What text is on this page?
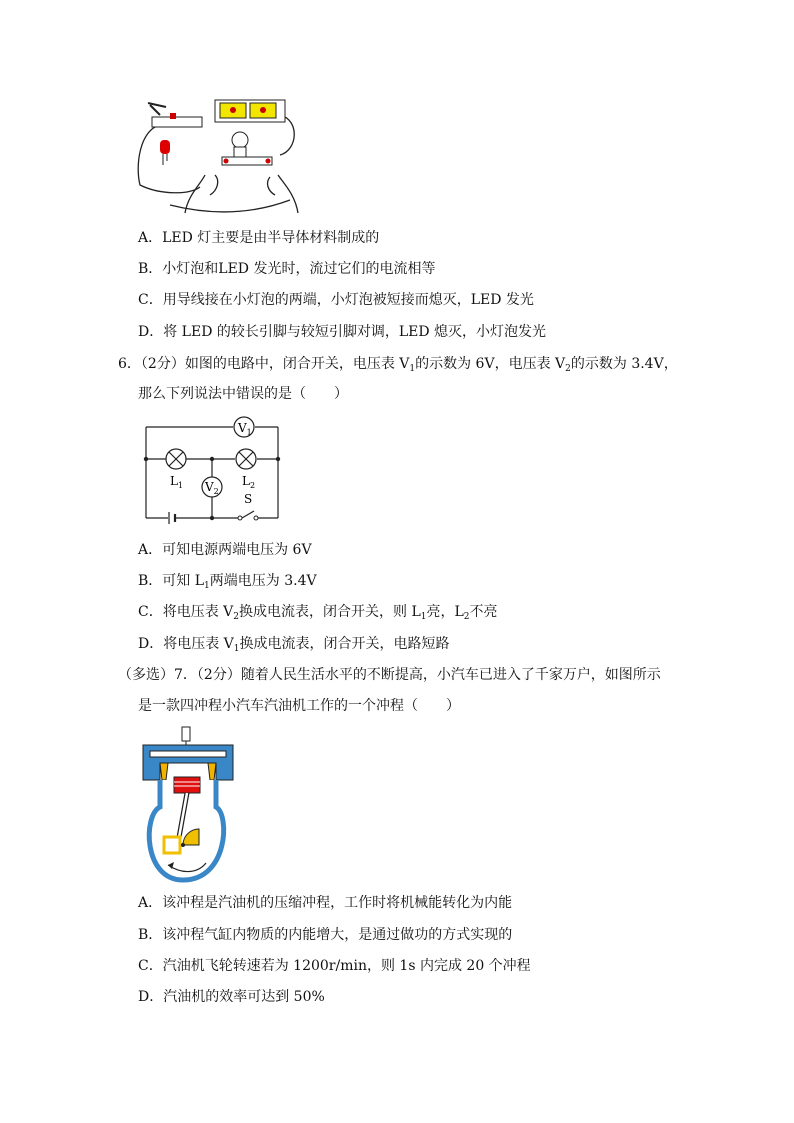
A．LED 灯主要是由半导体材料制成的
B．小灯泡和LED 发光时，流过它们的电流相等
C．用导线接在小灯泡的两端，小灯泡被短接而熄灭，LED 发光
D．将 LED 的较长引脚与较短引脚对调，LED 熄灭，小灯泡发光
6．（2分）如图的电路中，闭合开关，电压表 $V_1$的示数为 6V，电压表 $V_2$的示数为 3.4V，
那么下列说法中错误的是（　　）
$V_1$
$V_2$
$L_1$	$L_2$
S
A．可知电源两端电压为 6V
B．可知 $L_1$两端电压为 3.4V
C．将电压表 $V_2$换成电流表，闭合开关，则 $L_1$亮，$L_2$不亮
D．将电压表 $V_1$换成电流表，闭合开关，电路短路
（多选）7．（2分）随着人民生活水平的不断提高，小汽车已进入了千家万户，如图所示
是一款四冲程小汽车汽油机工作的一个冲程（　　）
A．该冲程是汽油机的压缩冲程，工作时将机械能转化为内能
B．该冲程气缸内物质的内能增大，是通过做功的方式实现的
C．汽油机飞轮转速若为 1200r/min，则 1s 内完成 20 个冲程
D．汽油机的效率可达到 50%
